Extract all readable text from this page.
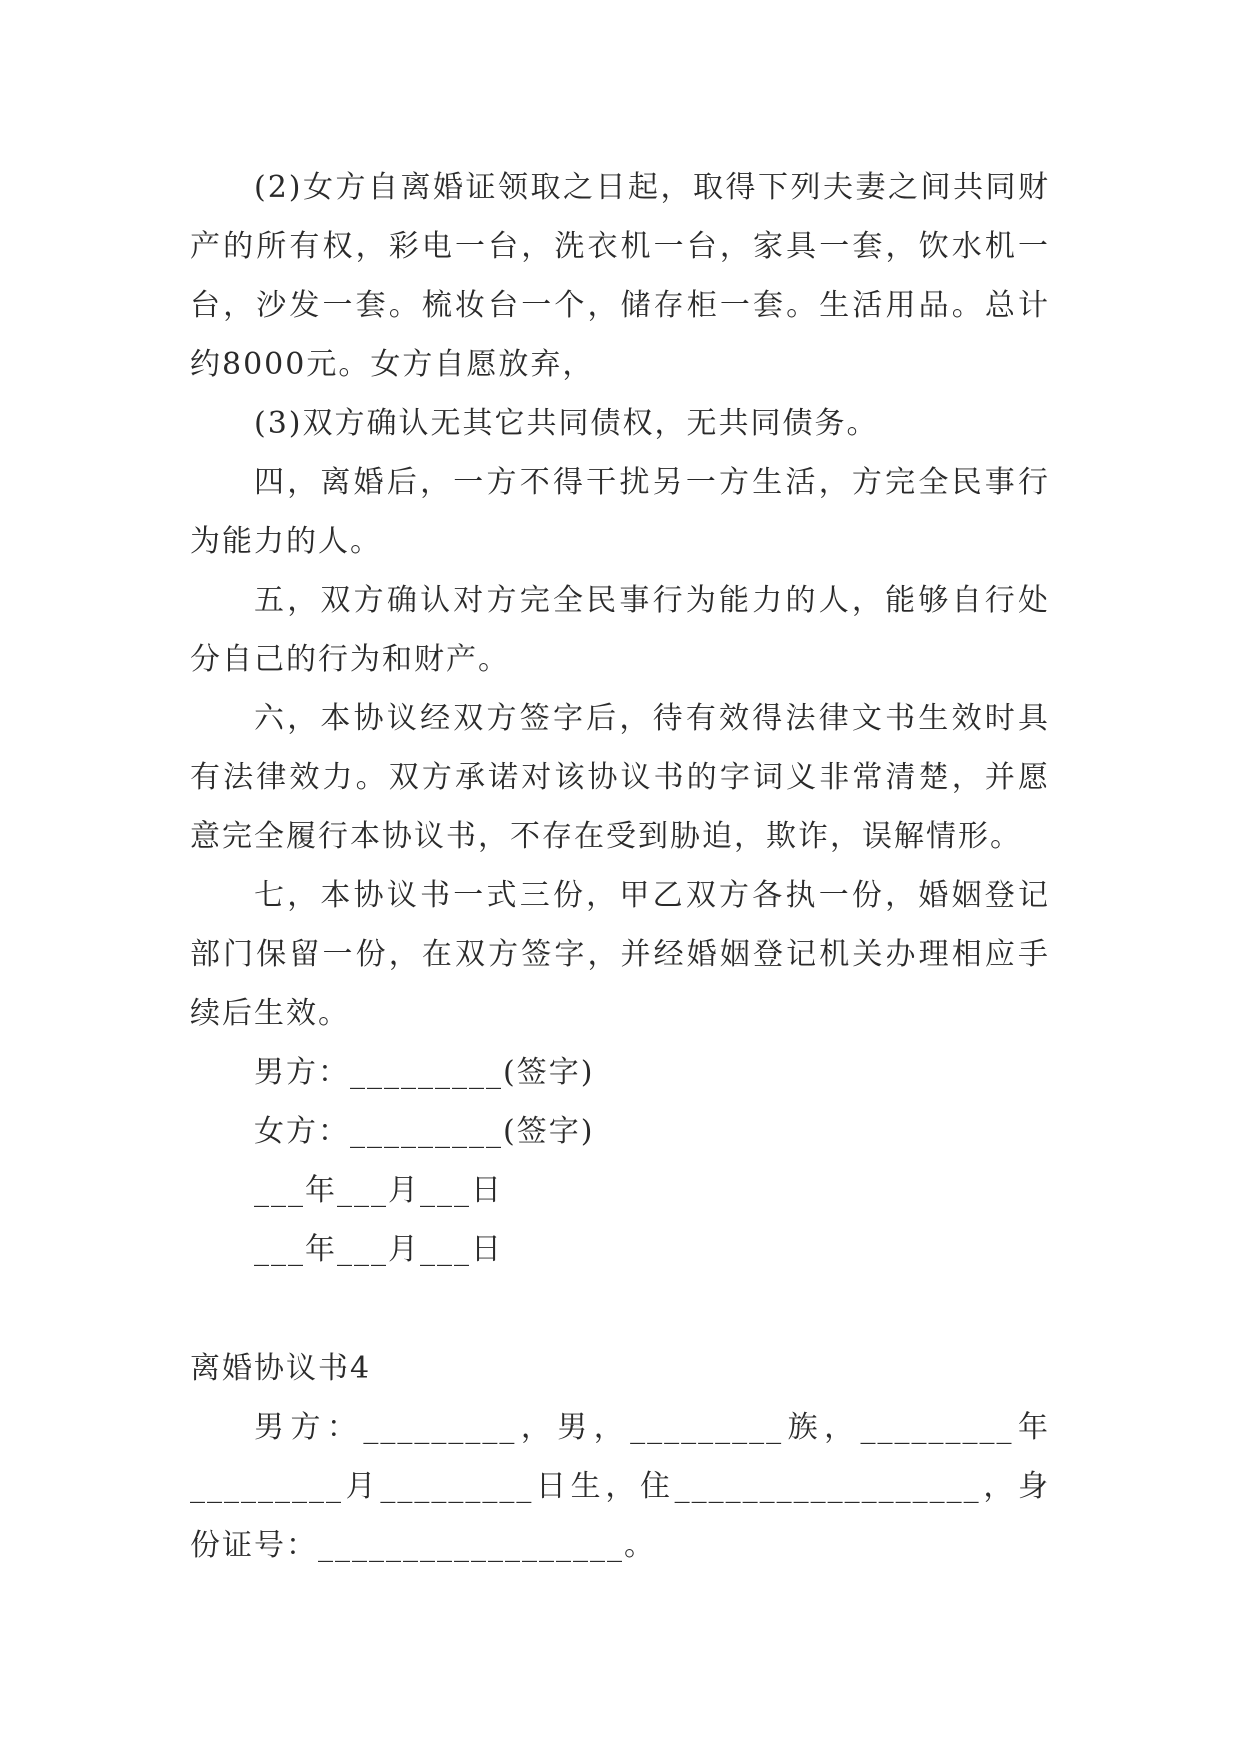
(2)女方自离婚证领取之日起，取得下列夫妻之间共同财产的所有权，彩电一台，洗衣机一台，家具一套，饮水机一台，沙发一套。梳妆台一个，储存柜一套。生活用品。总计约8000元。女方自愿放弃，

(3)双方确认无其它共同债权，无共同债务。

四，离婚后，一方不得干扰另一方生活，方完全民事行为能力的人。

五，双方确认对方完全民事行为能力的人，能够自行处分自己的行为和财产。

六，本协议经双方签字后，待有效得法律文书生效时具有法律效力。双方承诺对该协议书的字词义非常清楚，并愿意完全履行本协议书，不存在受到胁迫，欺诈，误解情形。

七，本协议书一式三份，甲乙双方各执一份，婚姻登记部门保留一份，在双方签字，并经婚姻登记机关办理相应手续后生效。

男方：_________(签字)

女方：_________(签字)

___年___月___日

___年___月___日

离婚协议书4

男方：_________，男，_________族，_________年_________月_________日生，住__________________，身份证号：__________________。
